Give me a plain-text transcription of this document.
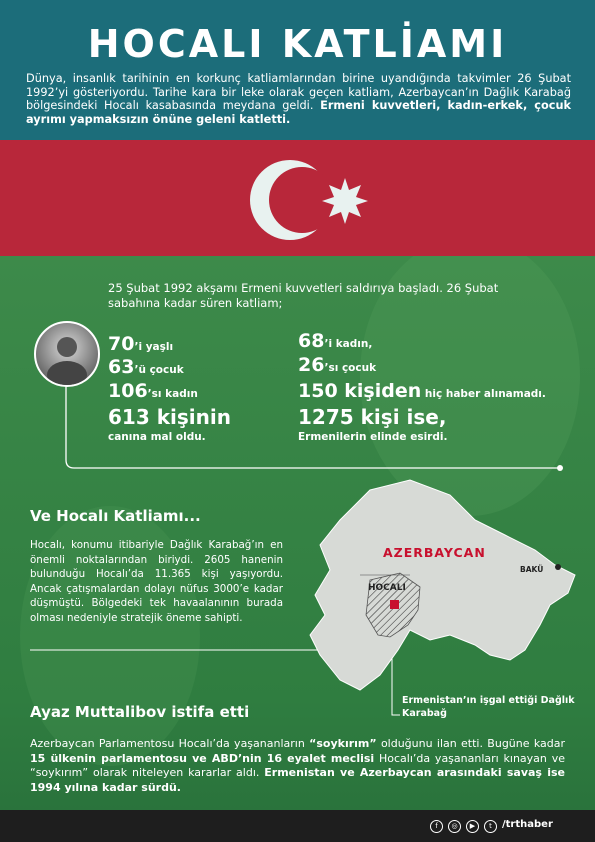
HOCALI KATLİAMI
Dünya, insanlık tarihinin en korkunç katliamlarından birine uyandığında takvimler 26 Şubat 1992’yi gösteriyordu. Tarihe kara bir leke olarak geçen katliam, Azerbaycan’ın Dağlık Karabağ bölgesindeki Hocalı kasabasında meydana geldi. Ermeni kuvvetleri, kadın-erkek, çocuk ayrımı yapmaksızın önüne geleni katletti.
25 Şubat 1992 akşamı Ermeni kuvvetleri saldırıya başladı. 26 Şubat sabahına kadar süren katliam;
70’i yaşlı
63’ü çocuk
106’sı kadın
613 kişinin
canına mal oldu.
68’i kadın,
26’sı çocuk
150 kişiden hiç haber alınamadı.
1275 kişi ise,
Ermenilerin elinde esirdi.
Ve Hocalı Katliamı...
Hocalı, konumu itibariyle Dağlık Karabağ’ın en önemli noktalarından biriydi. 2605 hanenin bulunduğu Hocalı’da 11.365 kişi yaşıyordu. Ancak çatışmalardan dolayı nüfus 3000’e kadar düşmüştü. Bölgedeki tek havaalanının burada olması nedeniyle stratejik öneme sahipti.
AZERBAYCAN
BAKÜ
HOCALI
Ermenistan’ın işgal ettiği Dağlık Karabağ
Ayaz Muttalibov istifa etti
Azerbaycan Parlamentosu Hocalı’da yaşananların “soykırım” olduğunu ilan etti. Bugüne kadar 15 ülkenin parlamentosu ve ABD’nin 16 eyalet meclisi Hocalı’da yaşananları kınayan ve “soykırım” olarak niteleyen kararlar aldı. Ermenistan ve Azerbaycan arasındaki savaş ise 1994 yılına kadar sürdü.
f	◎	▶	t	/trthaber
